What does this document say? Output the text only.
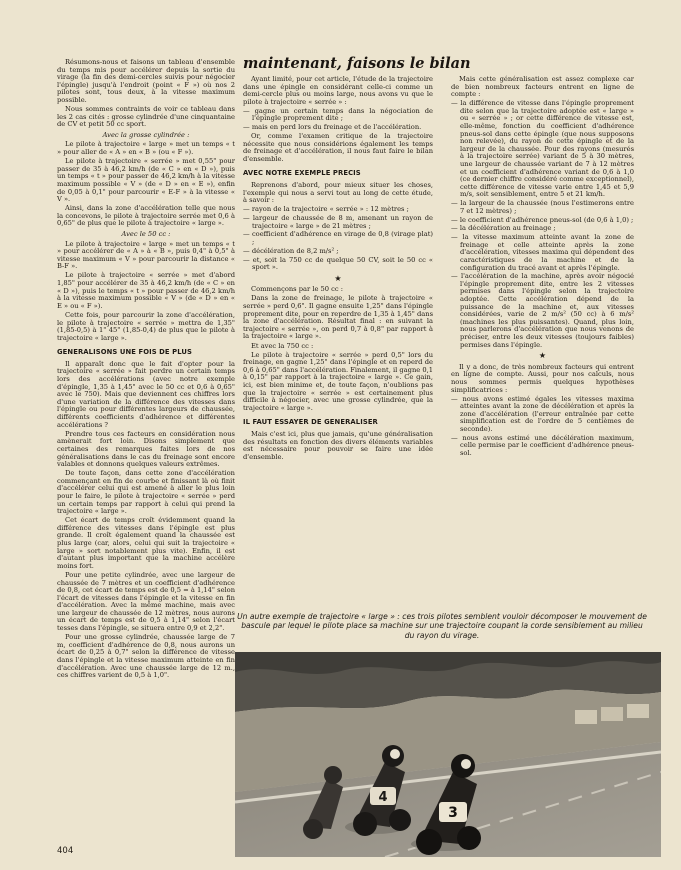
maintenant, faisons le bilan

Résumons-nous et faisons un tableau d'ensemble du temps mis pour accélérer depuis la sortie du virage (la fin des demi-cercles suivis pour négocier l'épingle) jusqu'à l'endroit (point « F ») où nos 2 pilotes sont, tous deux, à la vitesse maximum possible.

Nous sommes contraints de voir ce tableau dans les 2 cas cités : grosse cylindrée d'une cinquantaine de CV et petit 50 cc sport.

Avec la grosse cylindrée :

Le pilote à trajectoire « large » met un temps « t » pour aller de « A » en « B » (ou « F »).

Le pilote à trajectoire « serrée » met 0,55" pour passer de 35 à 46,2 km/h (de « C » en « D »), puis un temps « t » pour passer de 46,2 km/h à la vitesse maximum possible « V » (de « D » en « E »), enfin de 0,05 à 0,1" pour parcourir « E-F » à la vitesse « V ».

Ainsi, dans la zone d'accélération telle que nous la concevons, le pilote à trajectoire serrée met 0,6 à 0,65" de plus que le pilote à trajectoire « large ».

Avec le 50 cc :

Le pilote à trajectoire « large » met un temps « t » pour accélérer de « A » à « B », puis 0,4" à 0,5" à vitesse maximum « V » pour parcourir la distance « B-F ».

Le pilote à trajectoire « serrée » met d'abord 1,85" pour accélérer de 35 à 46,2 km/h (de « C » en « D »), puis le temps « t » pour passer de 46,2 km/h à la vitesse maximum possible « V » (de « D » en « E » ou « F »).

Cette fois, pour parcourir la zone d'accélération, le pilote à trajectoire « serrée » mettra de 1,35" (1,85-0,5) à 1" 45" (1,85-0,4) de plus que le pilote à trajectoire « large ».

GENERALISONS UNE FOIS DE PLUS

Il apparaît donc que le fait d'opter pour la trajectoire « serrée » fait perdre un certain temps lors des accélérations (avec notre exemple d'épingle, 1,35 à 1,45" avec le 50 cc et 0,6 à 0,65" avec le 750). Mais que deviennent ces chiffres lors d'une variation de la différence des vitesses dans l'épingle ou pour différentes largeurs de chaussée, différents coefficients d'adhérence et différentes accélérations ?

Prendre tous ces facteurs en considération nous amènerait fort loin. Disons simplement que certaines des remarques faites lors de nos généralisations dans le cas du freinage sont encore valables et donnons quelques valeurs extrêmes.

De toute façon, dans cette zone d'accélération commençant en fin de courbe et finissant là où finit d'accélérer celui qui est amené à aller le plus loin pour le faire, le pilote à trajectoire « serrée » perd un certain temps par rapport à celui qui prend la trajectoire « large ».

Cet écart de temps croît évidemment quand la différence des vitesses dans l'épingle est plus grande. Il croît également quand la chaussée est plus large (car, alors, celui qui suit la trajectoire « large » sort notablement plus vite). Enfin, il est d'autant plus important que la machine accélère moins fort.

Pour une petite cylindrée, avec une largeur de chaussée de 7 mètres et un coefficient d'adhérence de 0,8, cet écart de temps est de 0,5 = à 1,14" selon l'écart de vitesses dans l'épingle et la vitesse en fin d'accélération. Avec la même machine, mais avec une largeur de chaussée de 12 mètres, nous aurons un écart de temps est de 0,5 à 1,14" selon l'écart tesses dans l'épingle, se situera entre 0,9 et 2,2".

Pour une grosse cylindrée, chaussée large de 7 m, coefficient d'adhérence de 0,8, nous aurons un écart de 0,25 à 0,7" selon la différence de vitesse dans l'épingle et la vitesse maximum atteinte en fin d'accélération. Avec une chaussée large de 12 m., ces chiffres varient de 0,5 à 1,0".

Ayant limité, pour cet article, l'étude de la trajectoire dans une épingle en considérant celle-ci comme un demi-cercle plus ou moins large, nous avons vu que le pilote à trajectoire « serrée » :

— gagne un certain temps dans la négociation de l'épingle proprement dite ;
— mais en perd lors du freinage et de l'accélération.

Or, comme l'examen critique de la trajectoire nécessite que nous considérions également les temps de freinage et d'accélération, il nous faut faire le bilan d'ensemble.

AVEC NOTRE EXEMPLE PRECIS

Reprenons d'abord, pour mieux situer les choses, l'exemple qui nous a servi tout au long de cette étude, à savoir :

— rayon de la trajectoire « serrée » : 12 mètres ;
— largeur de chaussée de 8 m, amenant un rayon de trajectoire « large » de 21 mètres ;
— coefficient d'adhérence en virage de 0,8 (virage plat) ;
— décélération de 8,2 m/s² ;
— et, soit la 750 cc de quelque 50 CV, soit le 50 cc « sport ».
★

Commençons par le 50 cc :

Dans la zone de freinage, le pilote à trajectoire « serrée » perd 0,6". Il gagne ensuite 1,25" dans l'épingle proprement dite, pour en reperdre de 1,35 à 1,45" dans la zone d'accélération. Résultat final : en suivant la trajectoire « serrée », on perd 0,7 à 0,8" par rapport à la trajectoire « large ».

Et avec la 750 cc :

Le pilote à trajectoire « serrée » perd 0,5" lors du freinage, en gagne 1,25" dans l'épingle et en reperd de 0,6 à 0,65" dans l'accélération. Finalement, il gagne 0,1 à 0,15" par rapport à la trajectoire « large ». Ce gain, ici, est bien minime et, de toute façon, n'oublions pas que la trajectoire « serrée » est certainement plus difficile à négocier, avec une grosse cylindrée, que la trajectoire « large ».

IL FAUT ESSAYER DE GENERALISER

Mais c'est ici, plus que jamais, qu'une généralisation des résultats en fonction des divers éléments variables est nécessaire pour pouvoir se faire une idée d'ensemble.

Mais cette généralisation est assez complexe car de bien nombreux facteurs entrent en ligne de compte :

— la différence de vitesse dans l'épingle proprement dite selon que la trajectoire adoptée est « large » ou « serrée » ; or cette différence de vitesse est, elle-même, fonction du coefficient d'adhérence pneus-sol dans cette épingle (que nous supposons non relevée), du rayon de cette épingle et de la largeur de la chaussée. Pour des rayons (mesurés à la trajectoire serrée) variant de 5 à 30 mètres, une largeur de chaussée variant de 7 à 12 mètres et un coefficient d'adhérence variant de 0,6 à 1,0 (ce dernier chiffre considéré comme exceptionnel), cette différence de vitesse varie entre 1,45 et 5,9 m/s, soit sensiblement, entre 5 et 21 km/h.
— la largeur de la chaussée (nous l'estimerons entre 7 et 12 mètres) ;
— le coefficient d'adhérence pneus-sol (de 0,6 à 1,0) ;
— la décélération au freinage ;
— la vitesse maximum atteinte avant la zone de freinage et celle atteinte après la zone d'accélération, vitesses maxima qui dépendent des caractéristiques de la machine et de la configuration du tracé avant et après l'épingle.
— l'accélération de la machine, après avoir négocié l'épingle proprement dite, entre les 2 vitesses permises dans l'épingle selon la trajectoire adoptée. Cette accélération dépend de la puissance de la machine et, aux vitesses considérées, varie de 2 m/s² (50 cc) à 6 m/s² (machines les plus puissantes). Quand, plus loin, nous parlerons d'accélération que nous venons de préciser, entre les deux vitesses (toujours faibles) permises dans l'épingle.
★

Il y a donc, de très nombreux facteurs qui entrent en ligne de compte. Aussi, pour nos calculs, nous nous sommes permis quelques hypothèses simplificatrices :

— nous avons estimé égales les vitesses maxima atteintes avant la zone de décélération et après la zone d'accélération (l'erreur entraînée par cette simplification est de l'ordre de 5 centièmes de seconde).
— nous avons estimé une décélération maximum, celle permise par le coefficient d'adhérence pneus-sol.
Un autre exemple de trajectoire « large » : ces trois pilotes semblent vouloir décomposer le mouvement de bascule par lequel le pilote place sa machine sur une trajectoire coupant la corde sensiblement au milieu du rayon du virage.
4
3
404
